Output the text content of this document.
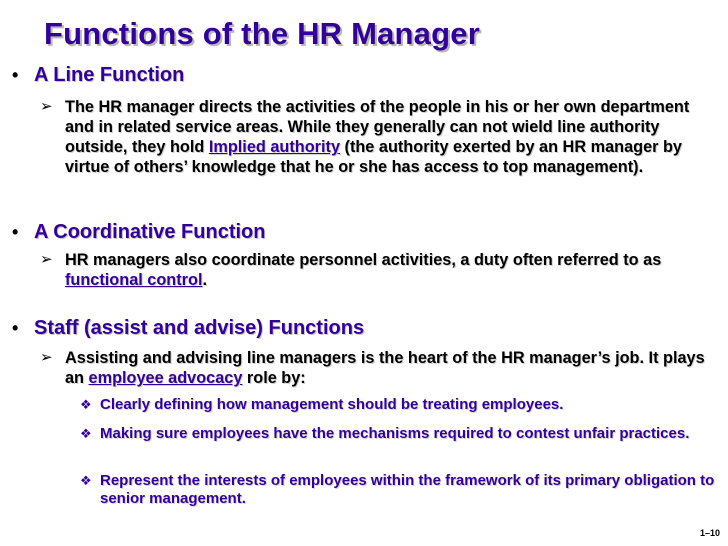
Functions of the HR Manager
• A Line Function
➢ The HR manager directs the activities of the people in his or her own department and in related service areas. While they generally can not wield line authority outside, they hold Implied authority (the authority exerted by an HR manager by virtue of others’ knowledge that he or she has access to top management).
• A Coordinative Function
➢ HR managers also coordinate personnel activities, a duty often referred to as functional control.
• Staff (assist and advise) Functions
➢ Assisting and advising line managers is the heart of the HR manager’s job. It plays an employee advocacy role by:
❖ Clearly defining how management should be treating employees.
❖ Making sure employees have the mechanisms required to contest unfair practices.
❖ Represent the interests of employees within the framework of its primary obligation to senior management.
1–10
